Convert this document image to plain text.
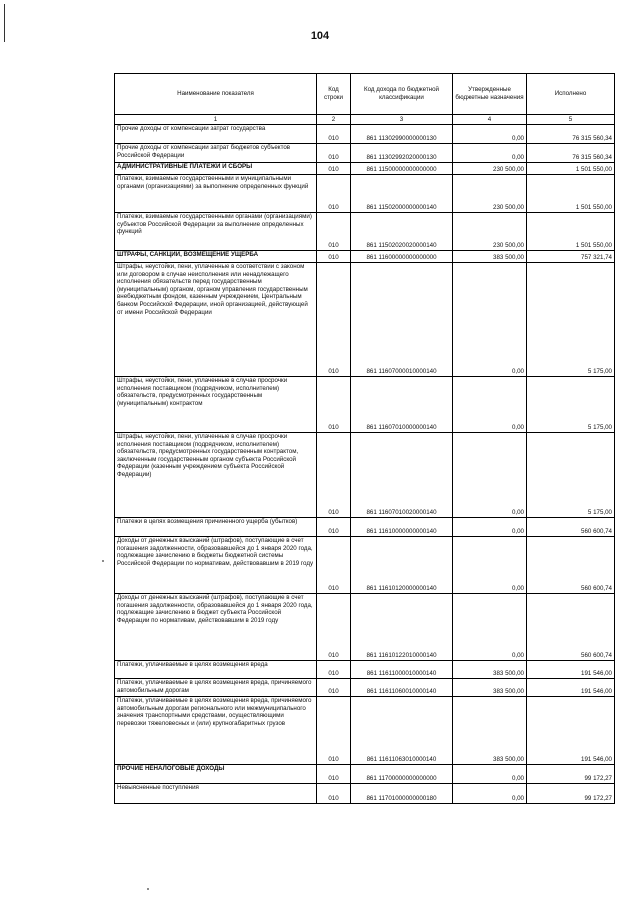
104
Наименование показателя	Код строки	Код дохода по бюджетной классификации	Утвержденные бюджетные назначения	Исполнено
1	2	3	4	5
Прочие доходы от компенсации затрат государства	010	861 11302990000000130	0,00	76 315 560,34
Прочие доходы от компенсации затрат бюджетов субъектов Российской Федерации	010	861 11302992020000130	0,00	76 315 560,34
АДМИНИСТРАТИВНЫЕ ПЛАТЕЖИ И СБОРЫ	010	861 11500000000000000	230 500,00	1 501 550,00
Платежи, взимаемые государственными и муниципальными органами (организациями) за выполнение определенных функций	010	861 11502000000000140	230 500,00	1 501 550,00
Платежи, взимаемые государственными органами (организациями) субъектов Российской Федерации за выполнение определенных функций	010	861 11502020020000140	230 500,00	1 501 550,00
ШТРАФЫ, САНКЦИИ, ВОЗМЕЩЕНИЕ УЩЕРБА	010	861 11600000000000000	383 500,00	757 321,74
Штрафы, неустойки, пени, уплаченные в соответствии с законом или договором в случае неисполнения или ненадлежащего исполнения обязательств перед государственным (муниципальным) органом, органом управления государственным внебюджетным фондом, казенным учреждением, Центральным банком Российской Федерации, иной организацией, действующей от имени Российской Федерации	010	861 11607000010000140	0,00	5 175,00
Штрафы, неустойки, пени, уплаченные в случае просрочки исполнения поставщиком (подрядчиком, исполнителем) обязательств, предусмотренных государственным (муниципальным) контрактом	010	861 11607010000000140	0,00	5 175,00
Штрафы, неустойки, пени, уплаченные в случае просрочки исполнения поставщиком (подрядчиком, исполнителем) обязательств, предусмотренных государственным контрактом, заключенным государственным органом субъекта Российской Федерации (казенным учреждением субъекта Российской Федерации)	010	861 11607010020000140	0,00	5 175,00
Платежи в целях возмещения причиненного ущерба (убытков)	010	861 11610000000000140	0,00	560 600,74
Доходы от денежных взысканий (штрафов), поступающие в счет погашения задолженности, образовавшейся до 1 января 2020 года, подлежащие зачислению в бюджеты бюджетной системы Российской Федерации по нормативам, действовавшим в 2019 году	010	861 11610120000000140	0,00	560 600,74
Доходы от денежных взысканий (штрафов), поступающие в счет погашения задолженности, образовавшейся до 1 января 2020 года, подлежащие зачислению в бюджет субъекта Российской Федерации по нормативам, действовавшим в 2019 году	010	861 11610122010000140	0,00	560 600,74
Платежи, уплачиваемые в целях возмещения вреда	010	861 11611000010000140	383 500,00	191 546,00
Платежи, уплачиваемые в целях возмещения вреда, причиняемого автомобильным дорогам	010	861 11611060010000140	383 500,00	191 546,00
Платежи, уплачиваемые в целях возмещения вреда, причиняемого автомобильным дорогам регионального или межмуниципального значения транспортными средствами, осуществляющими перевозки тяжеловесных и (или) крупногабаритных грузов	010	861 11611063010000140	383 500,00	191 546,00
ПРОЧИЕ НЕНАЛОГОВЫЕ ДОХОДЫ	010	861 11700000000000000	0,00	99 172,27
Невыясненные поступления	010	861 11701000000000180	0,00	99 172,27
